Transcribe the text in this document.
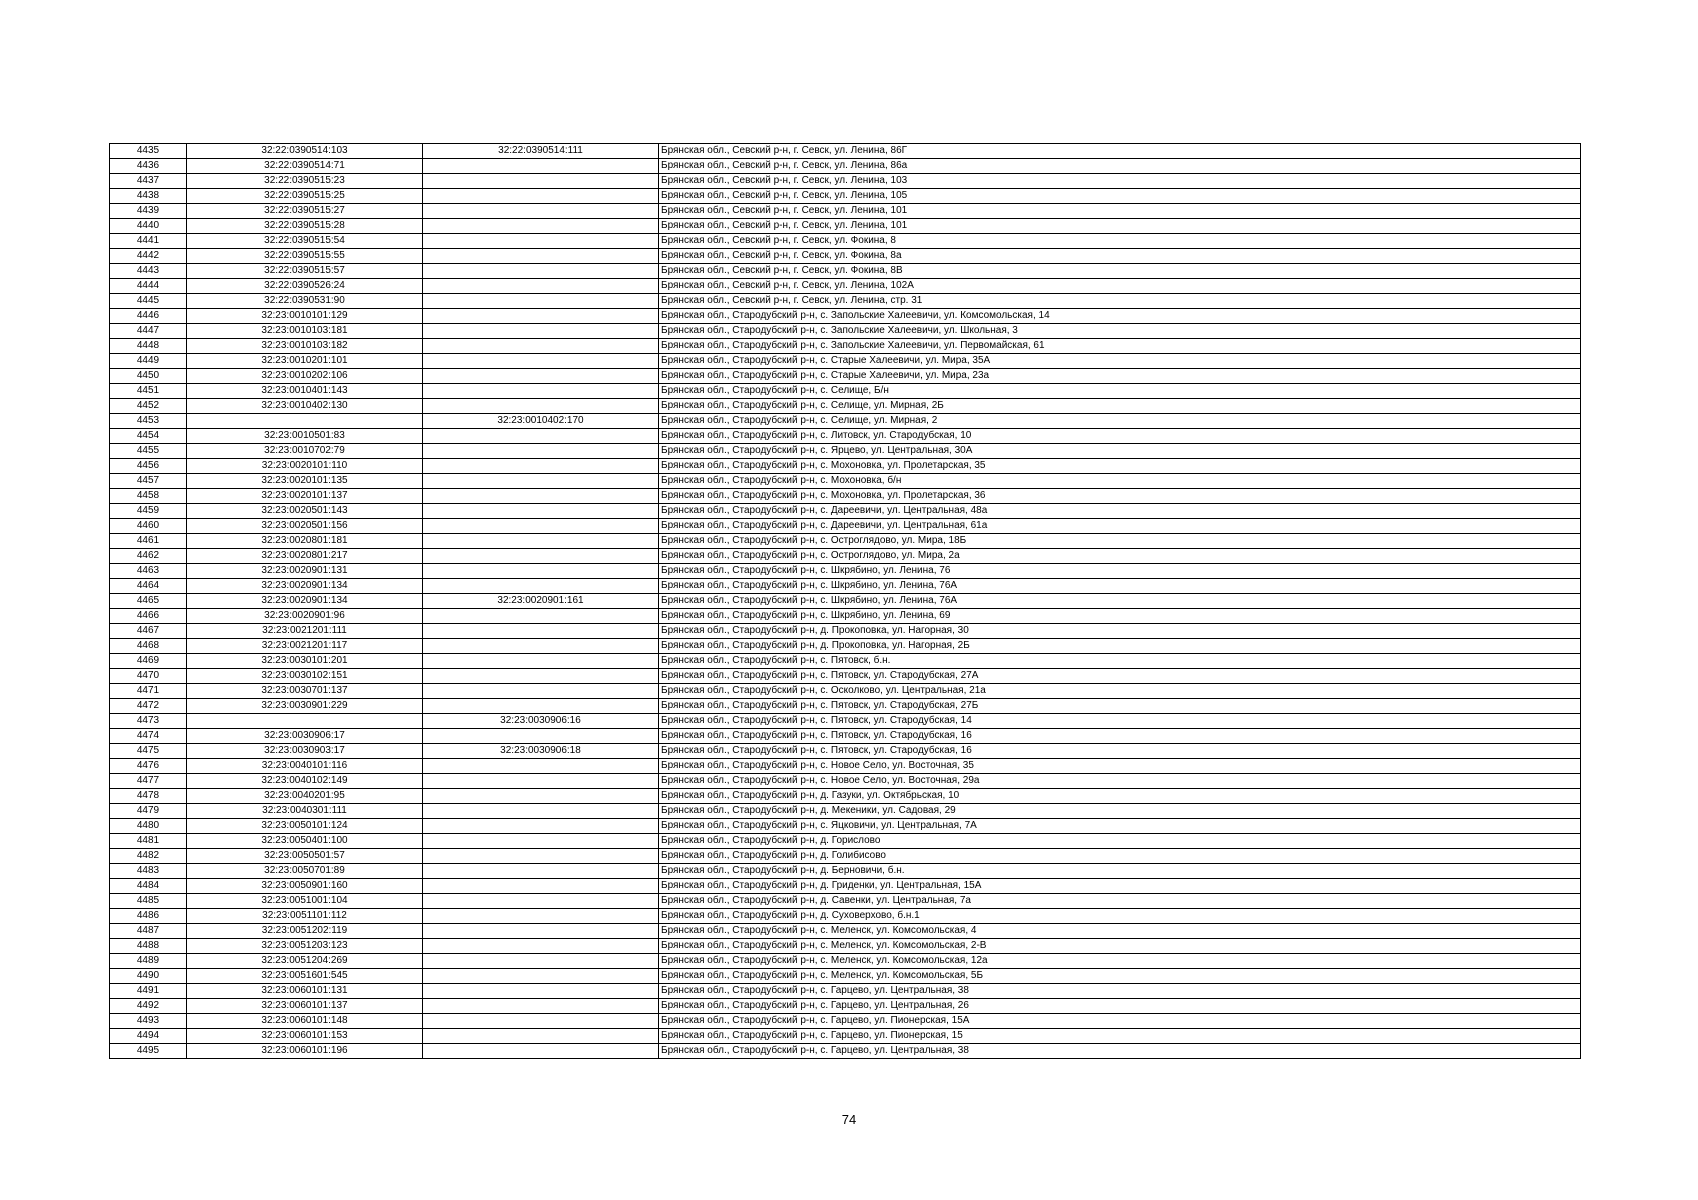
4435	32:22:0390514:103	32:22:0390514:111	Брянская обл., Севский р-н, г. Севск, ул. Ленина, 86Г
4436	32:22:0390514:71		Брянская обл., Севский р-н, г. Севск, ул. Ленина, 86а
4437	32:22:0390515:23		Брянская обл., Севский р-н, г. Севск, ул. Ленина, 103
4438	32:22:0390515:25		Брянская обл., Севский р-н, г. Севск, ул. Ленина, 105
4439	32:22:0390515:27		Брянская обл., Севский р-н, г. Севск, ул. Ленина, 101
4440	32:22:0390515:28		Брянская обл., Севский р-н, г. Севск, ул. Ленина, 101
4441	32:22:0390515:54		Брянская обл., Севский р-н, г. Севск, ул. Фокина, 8
4442	32:22:0390515:55		Брянская обл., Севский р-н, г. Севск, ул. Фокина, 8а
4443	32:22:0390515:57		Брянская обл., Севский р-н, г. Севск, ул. Фокина, 8В
4444	32:22:0390526:24		Брянская обл., Севский р-н, г. Севск, ул. Ленина, 102А
4445	32:22:0390531:90		Брянская обл., Севский р-н, г. Севск, ул. Ленина, стр. 31
4446	32:23:0010101:129		Брянская обл., Стародубский р-н, с. Запольские Халеевичи, ул. Комсомольская, 14
4447	32:23:0010103:181		Брянская обл., Стародубский р-н, с. Запольские Халеевичи, ул. Школьная, 3
4448	32:23:0010103:182		Брянская обл., Стародубский р-н, с. Запольские Халеевичи, ул. Первомайская, 61
4449	32:23:0010201:101		Брянская обл., Стародубский р-н, с. Старые Халеевичи, ул. Мира, 35А
4450	32:23:0010202:106		Брянская обл., Стародубский р-н, с. Старые Халеевичи, ул. Мира, 23а
4451	32:23:0010401:143		Брянская обл., Стародубский р-н, с. Селище, Б/н
4452	32:23:0010402:130		Брянская обл., Стародубский р-н, с. Селище, ул. Мирная, 2Б
4453		32:23:0010402:170	Брянская обл., Стародубский р-н, с. Селище, ул. Мирная, 2
4454	32:23:0010501:83		Брянская обл., Стародубский р-н, с. Литовск, ул. Стародубская, 10
4455	32:23:0010702:79		Брянская обл., Стародубский р-н, с. Ярцево, ул. Центральная, 30А
4456	32:23:0020101:110		Брянская обл., Стародубский р-н, с. Мохоновка, ул. Пролетарская, 35
4457	32:23:0020101:135		Брянская обл., Стародубский р-н, с. Мохоновка, б/н
4458	32:23:0020101:137		Брянская обл., Стародубский р-н, с. Мохоновка, ул. Пролетарская, 36
4459	32:23:0020501:143		Брянская обл., Стародубский р-н, с. Дареевичи, ул. Центральная, 48а
4460	32:23:0020501:156		Брянская обл., Стародубский р-н, с. Дареевичи, ул. Центральная, 61а
4461	32:23:0020801:181		Брянская обл., Стародубский р-н, с. Остроглядово, ул. Мира, 18Б
4462	32:23:0020801:217		Брянская обл., Стародубский р-н, с. Остроглядово, ул. Мира, 2а
4463	32:23:0020901:131		Брянская обл., Стародубский р-н, с. Шкрябино, ул. Ленина, 76
4464	32:23:0020901:134		Брянская обл., Стародубский р-н, с. Шкрябино, ул. Ленина, 76А
4465	32:23:0020901:134	32:23:0020901:161	Брянская обл., Стародубский р-н, с. Шкрябино, ул. Ленина, 76А
4466	32:23:0020901:96		Брянская обл., Стародубский р-н, с. Шкрябино, ул. Ленина, 69
4467	32:23:0021201:111		Брянская обл., Стародубский р-н, д. Прокоповка, ул. Нагорная, 30
4468	32:23:0021201:117		Брянская обл., Стародубский р-н, д. Прокоповка, ул. Нагорная, 2Б
4469	32:23:0030101:201		Брянская обл., Стародубский р-н, с. Пятовск, б.н.
4470	32:23:0030102:151		Брянская обл., Стародубский р-н, с. Пятовск, ул. Стародубская, 27А
4471	32:23:0030701:137		Брянская обл., Стародубский р-н, с. Осколково, ул. Центральная, 21а
4472	32:23:0030901:229		Брянская обл., Стародубский р-н, с. Пятовск, ул. Стародубская, 27Б
4473		32:23:0030906:16	Брянская обл., Стародубский р-н, с. Пятовск, ул. Стародубская, 14
4474	32:23:0030906:17		Брянская обл., Стародубский р-н, с. Пятовск, ул. Стародубская, 16
4475	32:23:0030903:17	32:23:0030906:18	Брянская обл., Стародубский р-н, с. Пятовск, ул. Стародубская, 16
4476	32:23:0040101:116		Брянская обл., Стародубский р-н, с. Новое Село, ул. Восточная, 35
4477	32:23:0040102:149		Брянская обл., Стародубский р-н, с. Новое Село, ул. Восточная, 29а
4478	32:23:0040201:95		Брянская обл., Стародубский р-н, д. Газуки, ул. Октябрьская, 10
4479	32:23:0040301:111		Брянская обл., Стародубский р-н, д. Мекеники, ул. Садовая, 29
4480	32:23:0050101:124		Брянская обл., Стародубский р-н, с. Яцковичи, ул. Центральная, 7А
4481	32:23:0050401:100		Брянская обл., Стародубский р-н, д. Горислово
4482	32:23:0050501:57		Брянская обл., Стародубский р-н, д. Голибисово
4483	32:23:0050701:89		Брянская обл., Стародубский р-н, д. Берновичи, б.н.
4484	32:23:0050901:160		Брянская обл., Стародубский р-н, д. Гриденки, ул. Центральная, 15А
4485	32:23:0051001:104		Брянская обл., Стародубский р-н, д. Савенки, ул. Центральная, 7а
4486	32:23:0051101:112		Брянская обл., Стародубский р-н, д. Суховерхово, б.н.1
4487	32:23:0051202:119		Брянская обл., Стародубский р-н, с. Меленск, ул. Комсомольская, 4
4488	32:23:0051203:123		Брянская обл., Стародубский р-н, с. Меленск, ул. Комсомольская, 2-В
4489	32:23:0051204:269		Брянская обл., Стародубский р-н, с. Меленск, ул. Комсомольская, 12а
4490	32:23:0051601:545		Брянская обл., Стародубский р-н, с. Меленск, ул. Комсомольская, 5Б
4491	32:23:0060101:131		Брянская обл., Стародубский р-н, с. Гарцево, ул. Центральная, 38
4492	32:23:0060101:137		Брянская обл., Стародубский р-н, с. Гарцево, ул. Центральная, 26
4493	32:23:0060101:148		Брянская обл., Стародубский р-н, с. Гарцево, ул. Пионерская, 15А
4494	32:23:0060101:153		Брянская обл., Стародубский р-н, с. Гарцево, ул. Пионерская, 15
4495	32:23:0060101:196		Брянская обл., Стародубский р-н, с. Гарцево, ул. Центральная, 38
74
